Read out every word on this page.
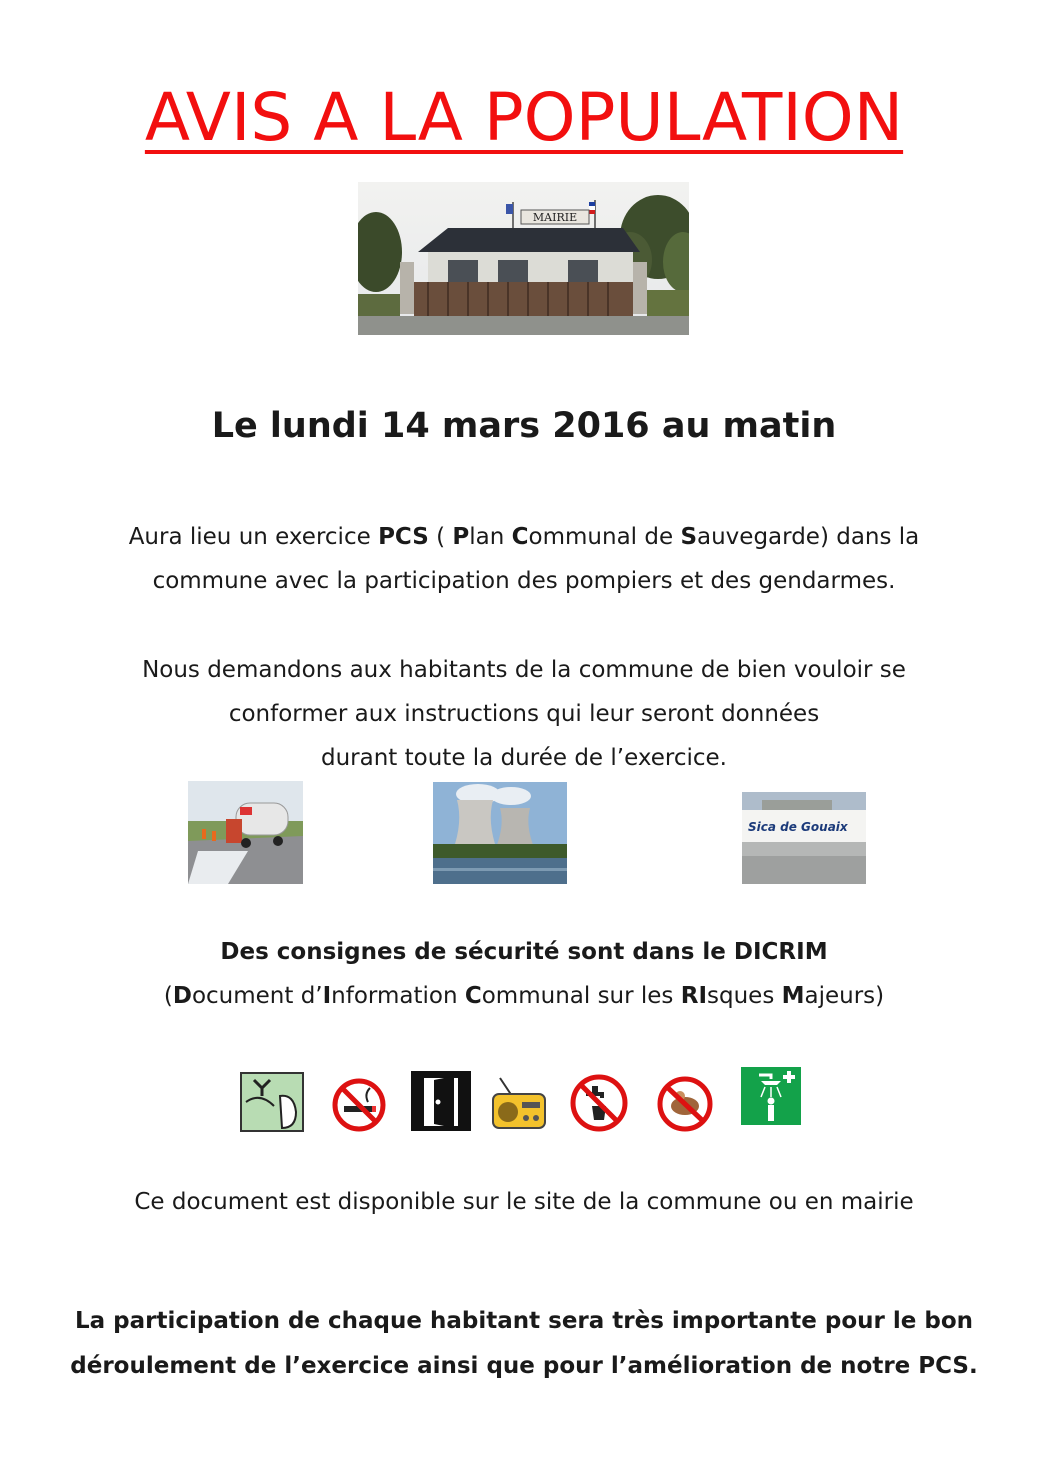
AVIS A LA POPULATION
MAIRIE
Le lundi 14 mars 2016 au matin
Aura lieu un exercice PCS ( Plan Communal de Sauvegarde) dans la
commune avec la participation des pompiers et des gendarmes.
Nous demandons aux habitants de la commune de bien vouloir se
conformer aux instructions qui leur seront données
durant toute la durée de l’exercice.
Sica de Gouaix
Des consignes de sécurité sont dans le DICRIM
(Document d’Information Communal sur les RIsques Majeurs)
Ce document est disponible sur le site de la commune ou en mairie
La participation de chaque habitant sera très importante pour le bon
déroulement de l’exercice ainsi que pour l’amélioration de notre PCS.
